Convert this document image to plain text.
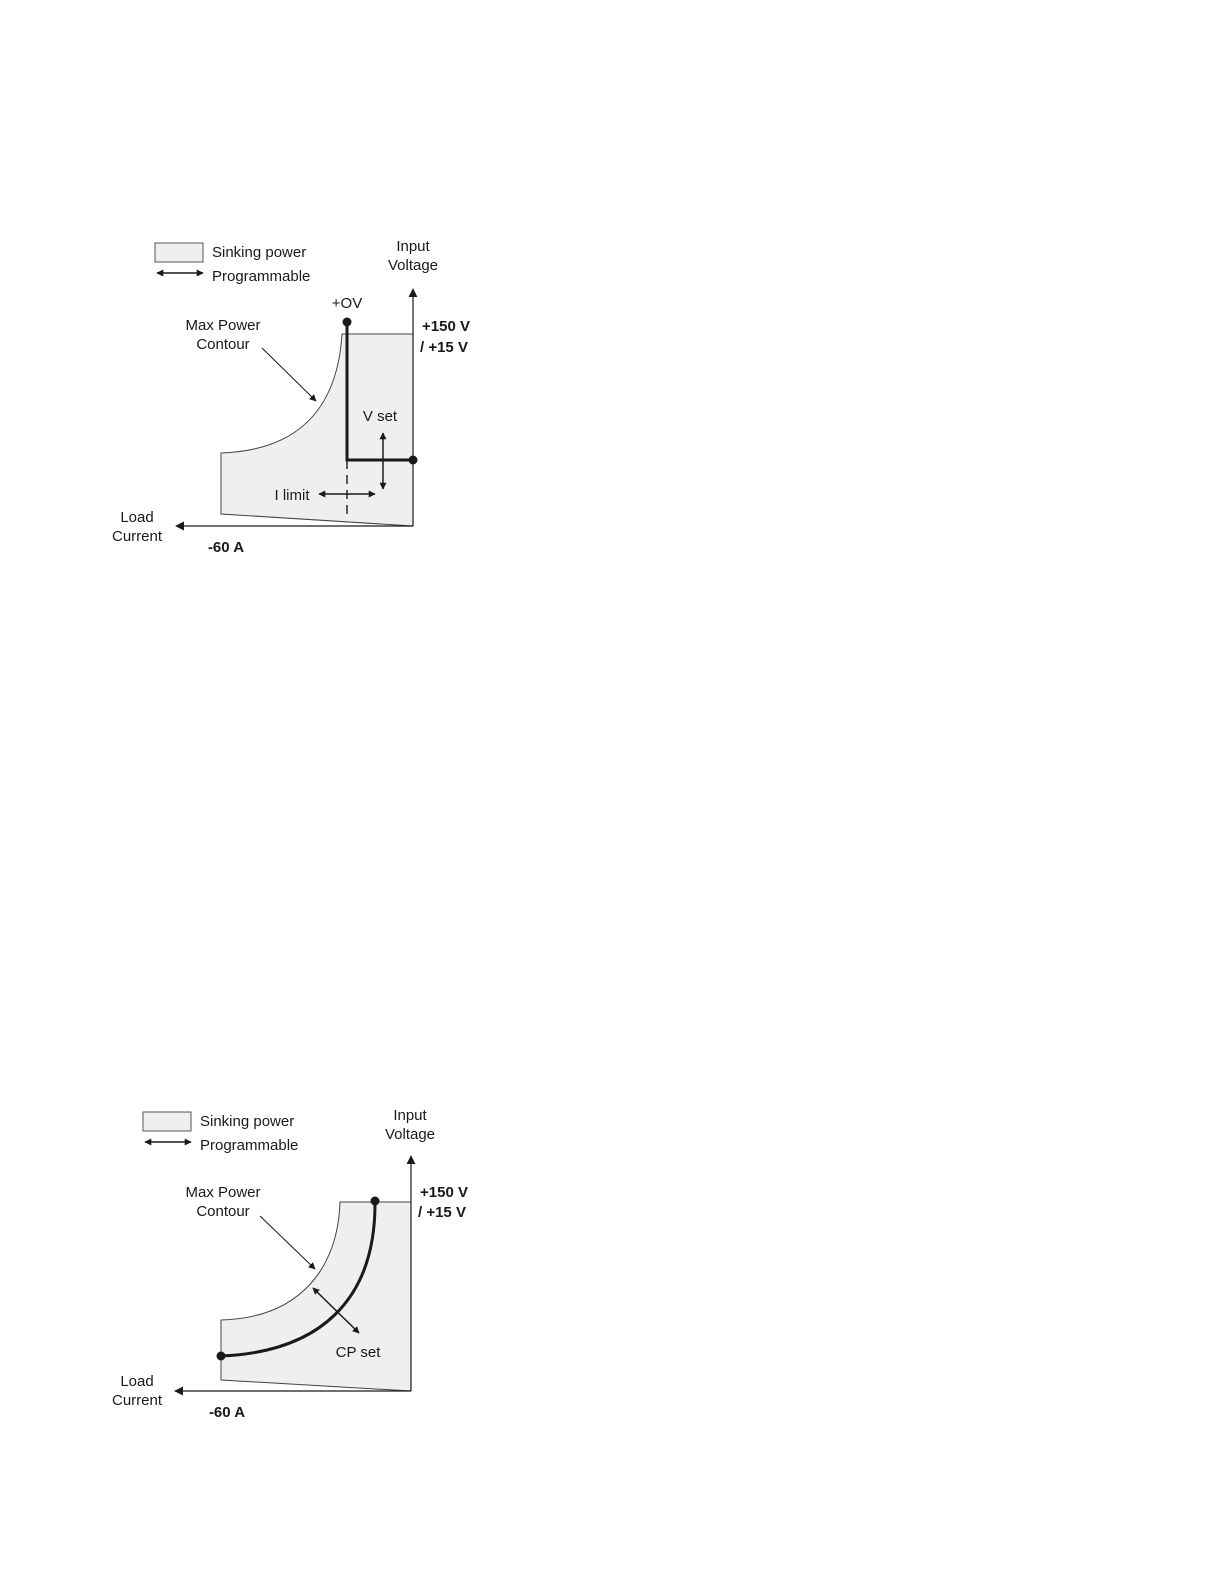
Sinking power
Programmable
Input
Voltage
+OV
+150 V
/ +15 V
Max Power
Contour
V set
I limit
Load
Current
-60 A
Sinking power
Programmable
Input
Voltage
+150 V
/ +15 V
Max Power
Contour
CP set
Load
Current
-60 A
